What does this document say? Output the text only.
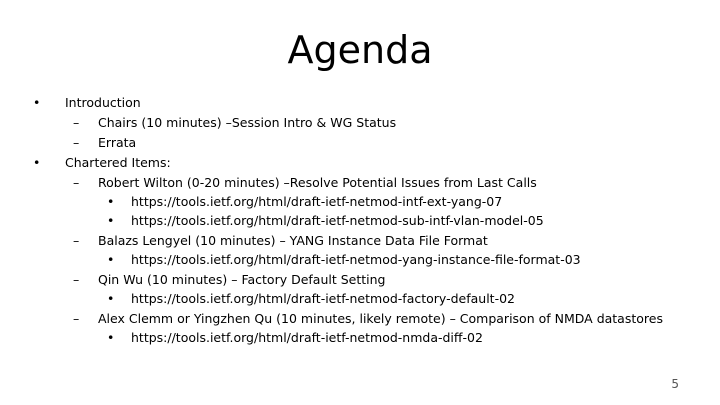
Agenda
• Introduction
– Chairs (10 minutes) –Session Intro & WG Status
– Errata
• Chartered Items:
– Robert Wilton (0-20 minutes) –Resolve Potential Issues from Last Calls
• https://tools.ietf.org/html/draft-ietf-netmod-intf-ext-yang-07
• https://tools.ietf.org/html/draft-ietf-netmod-sub-intf-vlan-model-05
– Balazs Lengyel (10 minutes) – YANG Instance Data File Format
• https://tools.ietf.org/html/draft-ietf-netmod-yang-instance-file-format-03
– Qin Wu (10 minutes) – Factory Default Setting
• https://tools.ietf.org/html/draft-ietf-netmod-factory-default-02
– Alex Clemm or Yingzhen Qu (10 minutes, likely remote) – Comparison of NMDA datastores
• https://tools.ietf.org/html/draft-ietf-netmod-nmda-diff-02
5
